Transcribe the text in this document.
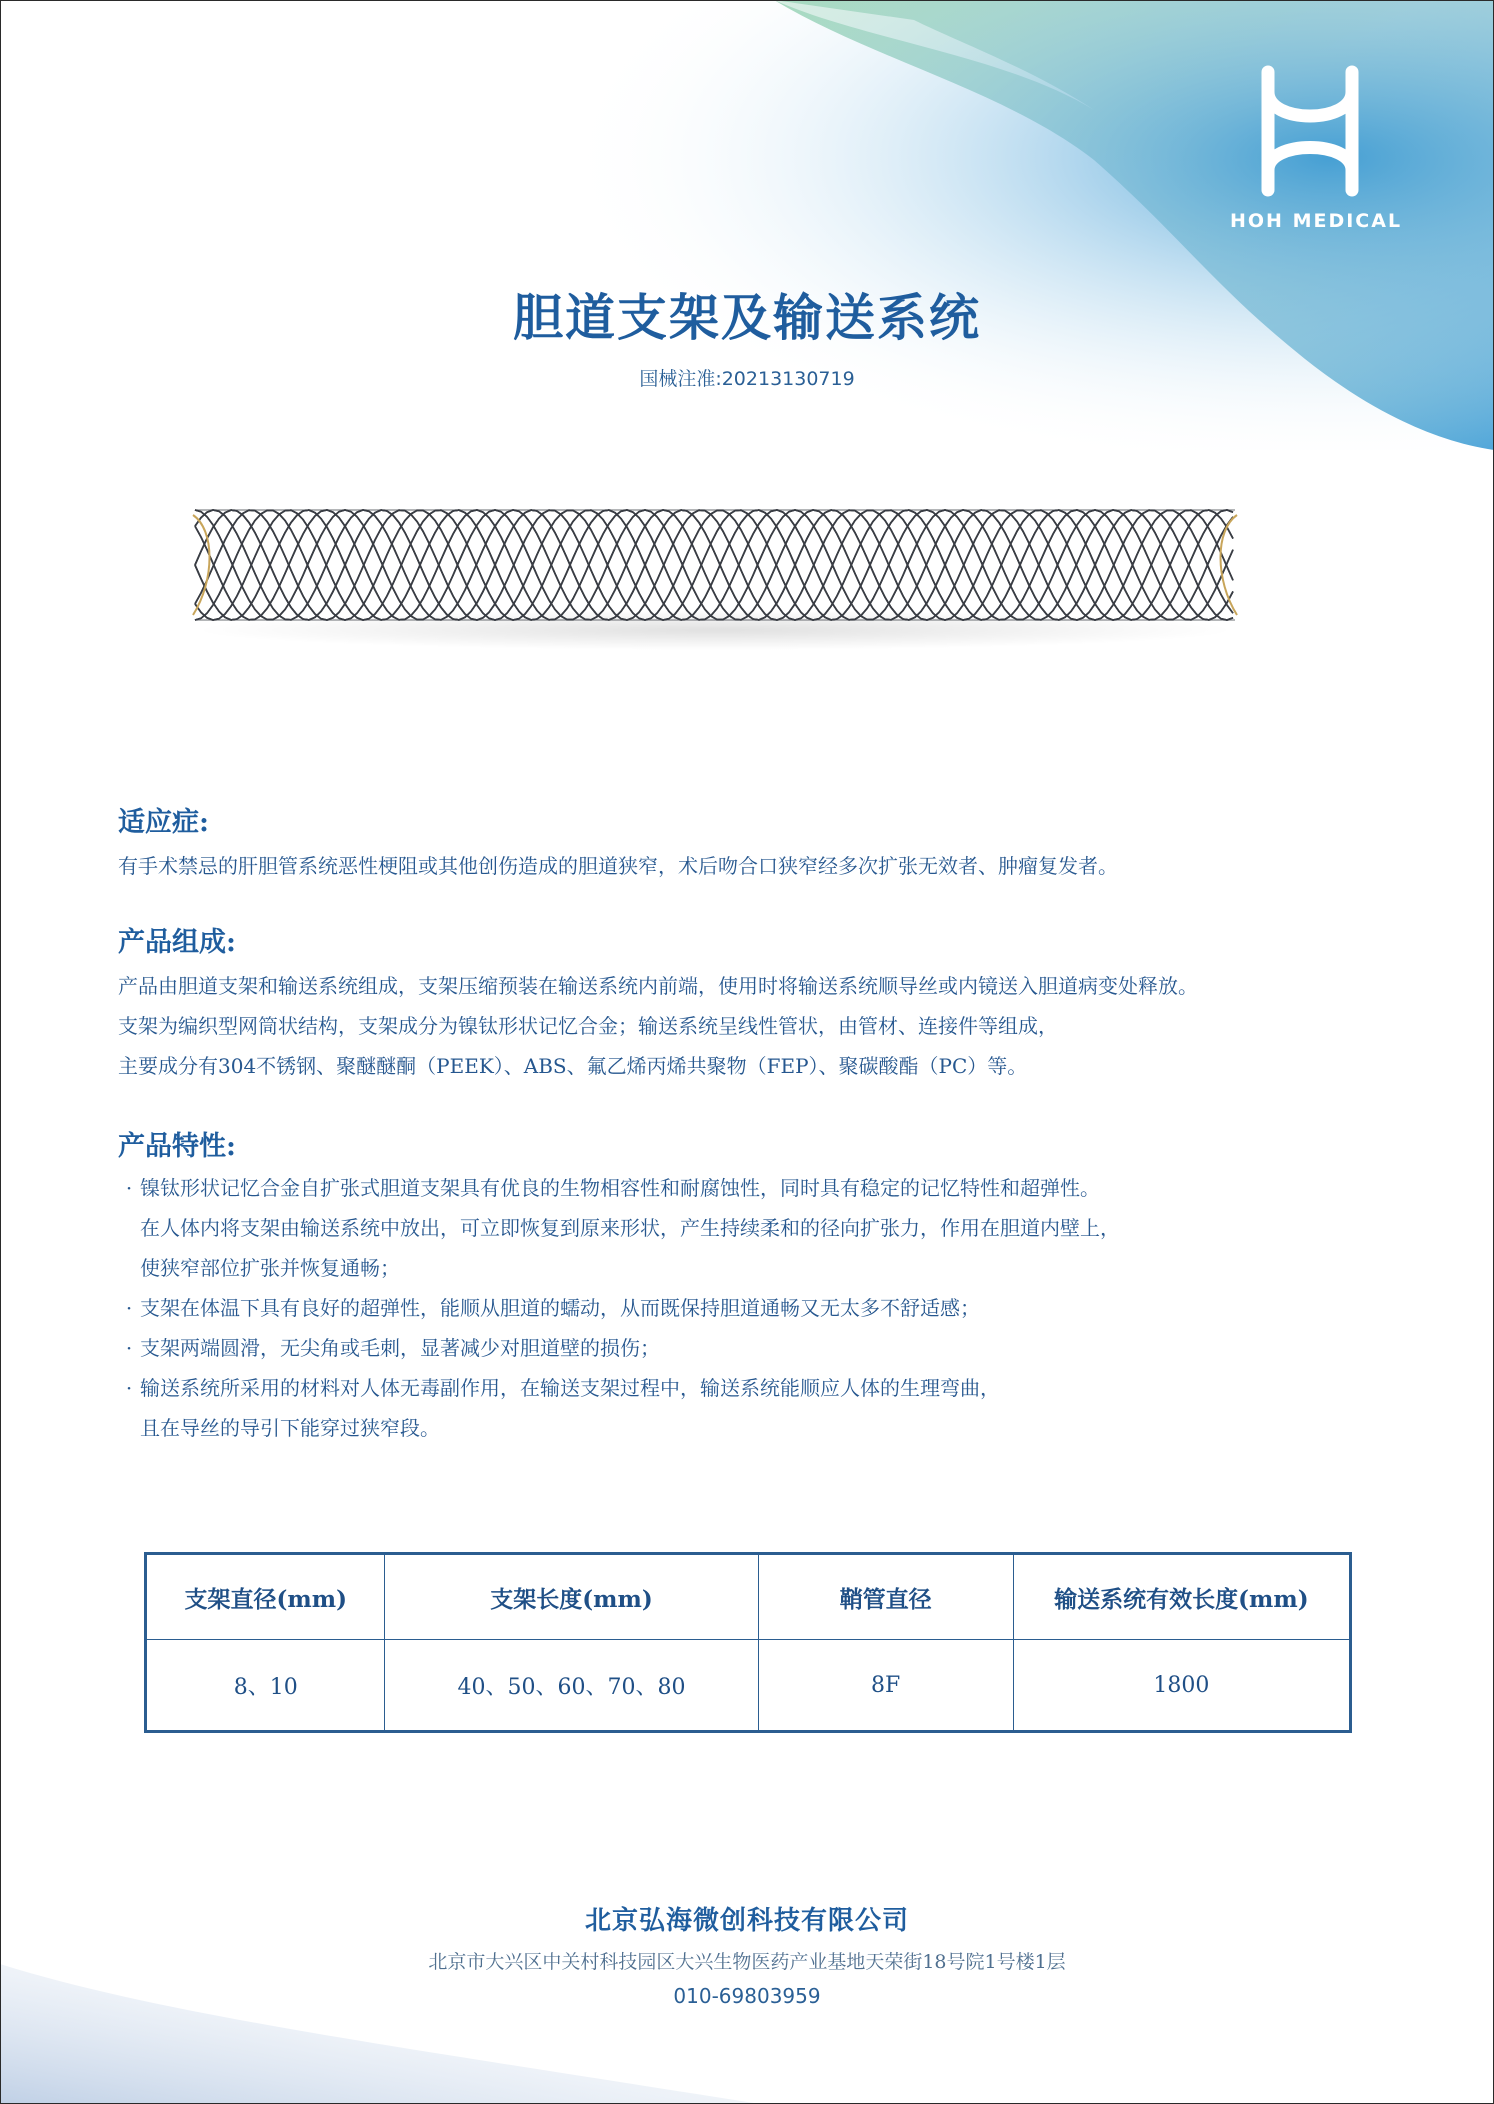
HOH MEDICAL
胆道支架及输送系统
国械注准:20213130719
适应症:
有手术禁忌的肝胆管系统恶性梗阻或其他创伤造成的胆道狭窄，术后吻合口狭窄经多次扩张无效者、肿瘤复发者。
产品组成:
产品由胆道支架和输送系统组成，支架压缩预装在输送系统内前端，使用时将输送系统顺导丝或内镜送入胆道病变处释放。
支架为编织型网筒状结构，支架成分为镍钛形状记忆合金；输送系统呈线性管状，由管材、连接件等组成，
主要成分有304不锈钢、聚醚醚酮（PEEK）、ABS、氟乙烯丙烯共聚物（FEP）、聚碳酸酯（PC）等。
产品特性:
· 镍钛形状记忆合金自扩张式胆道支架具有优良的生物相容性和耐腐蚀性，同时具有稳定的记忆特性和超弹性。
在人体内将支架由输送系统中放出，可立即恢复到原来形状，产生持续柔和的径向扩张力，作用在胆道内壁上，
使狭窄部位扩张并恢复通畅；
· 支架在体温下具有良好的超弹性，能顺从胆道的蠕动，从而既保持胆道通畅又无太多不舒适感；
· 支架两端圆滑，无尖角或毛刺，显著减少对胆道壁的损伤；
· 输送系统所采用的材料对人体无毒副作用，在输送支架过程中，输送系统能顺应人体的生理弯曲，
且在导丝的导引下能穿过狭窄段。
支架直径(mm)	支架长度(mm)	鞘管直径	输送系统有效长度(mm)
8、10	40、50、60、70、80	8F	1800
北京弘海微创科技有限公司
北京市大兴区中关村科技园区大兴生物医药产业基地天荣街18号院1号楼1层
010-69803959
